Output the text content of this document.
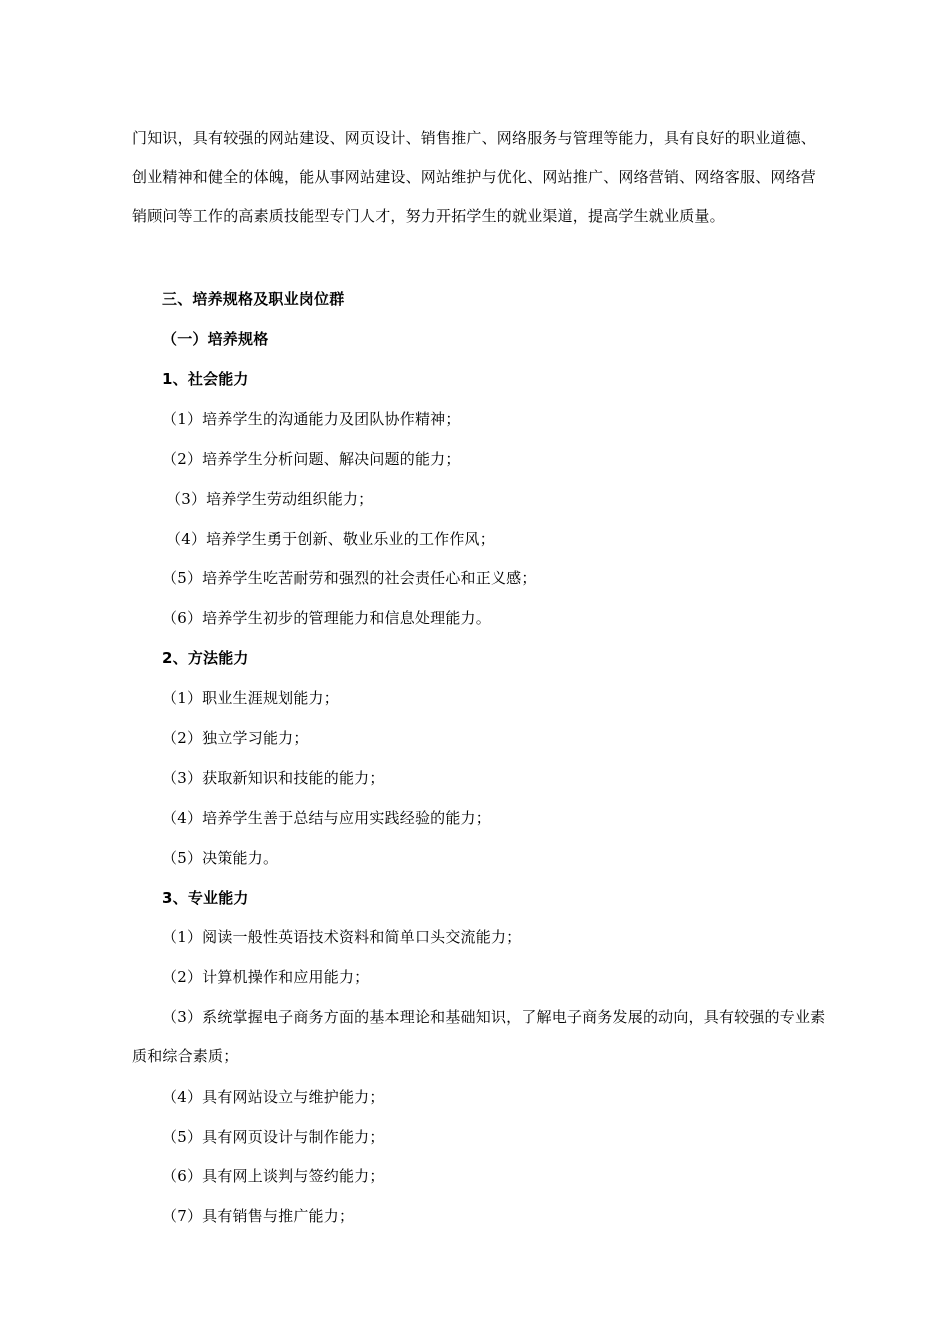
门知识，具有较强的网站建设、网页设计、销售推广、网络服务与管理等能力，具有良好的职业道德、创业精神和健全的体魄，能从事网站建设、网站维护与优化、网站推广、网络营销、网络客服、网络营销顾问等工作的高素质技能型专门人才，努力开拓学生的就业渠道，提高学生就业质量。
三、培养规格及职业岗位群
（一）培养规格
1、社会能力
（1）培养学生的沟通能力及团队协作精神；
（2）培养学生分析问题、解决问题的能力；
（3）培养学生劳动组织能力；
（4）培养学生勇于创新、敬业乐业的工作作风；
（5）培养学生吃苦耐劳和强烈的社会责任心和正义感；
（6）培养学生初步的管理能力和信息处理能力。
2、方法能力
（1）职业生涯规划能力；
（2）独立学习能力；
（3）获取新知识和技能的能力；
（4）培养学生善于总结与应用实践经验的能力；
（5）决策能力。
3、专业能力
（1）阅读一般性英语技术资料和简单口头交流能力；
（2）计算机操作和应用能力；
（3）系统掌握电子商务方面的基本理论和基础知识，了解电子商务发展的动向，具有较强的专业素质和综合素质；
（4）具有网站设立与维护能力；
（5）具有网页设计与制作能力；
（6）具有网上谈判与签约能力；
（7）具有销售与推广能力；
